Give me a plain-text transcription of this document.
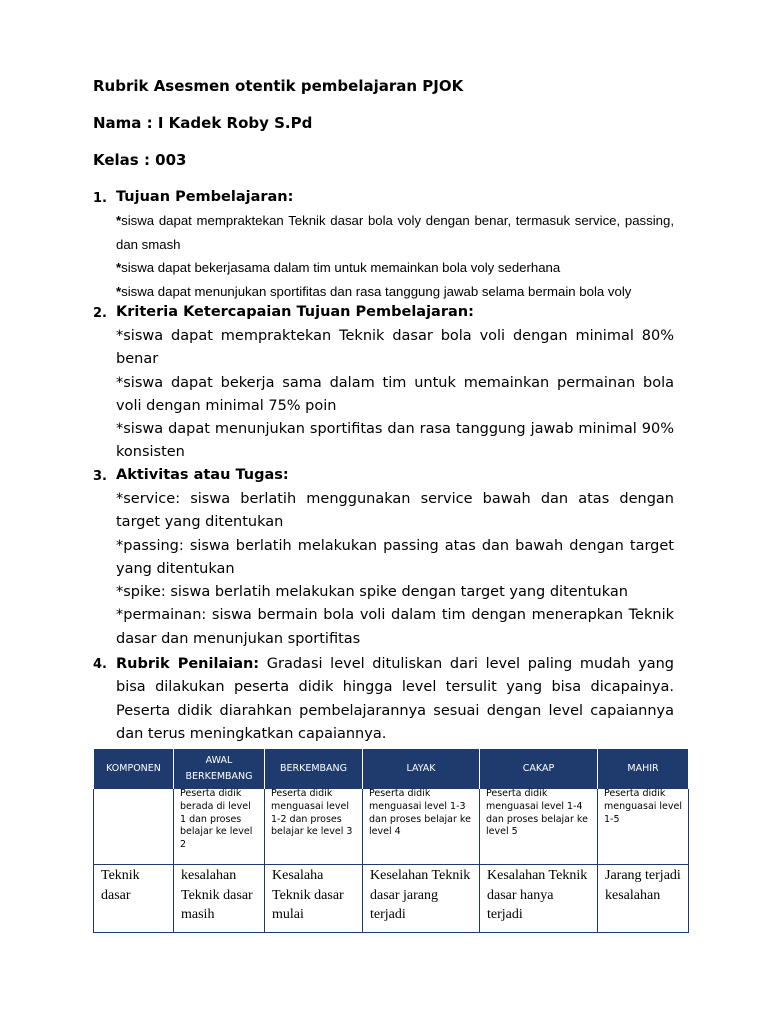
Rubrik Asesmen otentik pembelajaran PJOK
Nama : I Kadek Roby S.Pd
Kelas : 003
1. Tujuan Pembelajaran:
*siswa dapat mempraktekan Teknik dasar bola voly dengan benar, termasuk service, passing, dan smash
*siswa dapat bekerjasama dalam tim untuk memainkan bola voly sederhana
*siswa dapat menunjukan sportifitas dan rasa tanggung jawab selama bermain bola voly
2. Kriteria Ketercapaian Tujuan Pembelajaran:
*siswa dapat mempraktekan Teknik dasar bola voli dengan minimal 80% benar
*siswa dapat bekerja sama dalam tim untuk memainkan permainan bola voli dengan minimal 75% poin
*siswa dapat menunjukan sportifitas dan rasa tanggung jawab minimal 90% konsisten
3. Aktivitas atau Tugas:
*service: siswa berlatih menggunakan service bawah dan atas dengan target yang ditentukan
*passing: siswa berlatih melakukan passing atas dan bawah dengan target yang ditentukan
*spike: siswa berlatih melakukan spike dengan target yang ditentukan
*permainan: siswa bermain bola voli dalam tim dengan menerapkan Teknik dasar dan menunjukan sportifitas
4. Rubrik Penilaian: Gradasi level dituliskan dari level paling mudah yang bisa dilakukan peserta didik hingga level tersulit yang bisa dicapainya. Peserta didik diarahkan pembelajarannya sesuai dengan level capaiannya dan terus meningkatkan capaiannya.
KOMPONEN	AWAL BERKEMBANG	BERKEMBANG	LAYAK	CAKAP	MAHIR

	Peserta didik berada di level 1 dan proses belajar ke level 2	Peserta didik menguasai level 1-2 dan proses belajar ke level 3	Peserta didik menguasai level 1-3 dan proses belajar ke level 4	Peserta didik menguasai level 1-4 dan proses belajar ke level 5	Peserta didik menguasai level 1-5

Teknik dasar	kesalahan Teknik dasar masih	Kesalaha Teknik dasar mulai	Keselahan Teknik dasar jarang terjadi	Kesalahan Teknik dasar hanya terjadi	Jarang terjadi kesalahan
